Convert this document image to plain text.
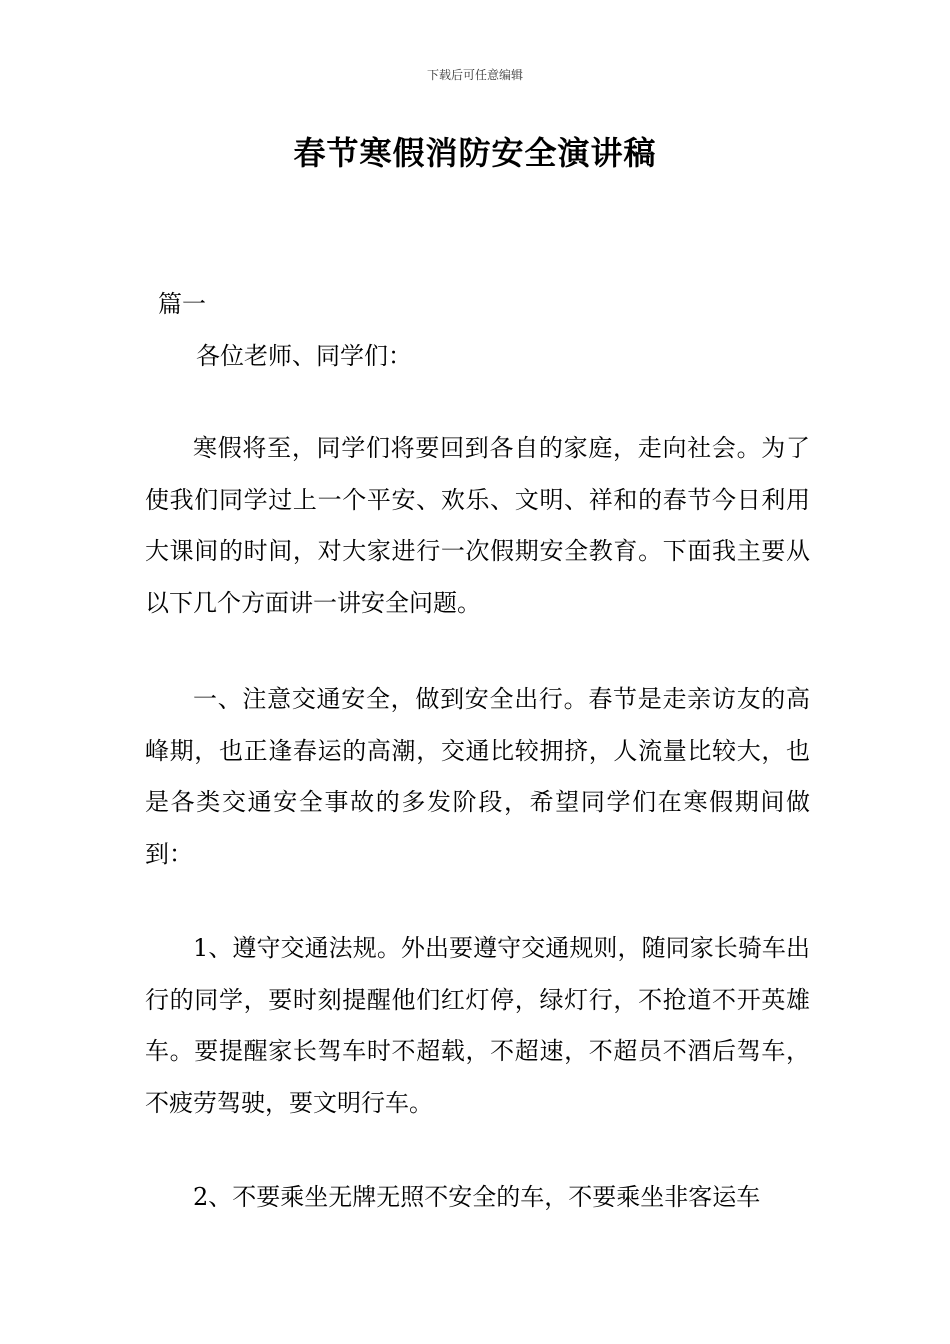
下载后可任意编辑
春节寒假消防安全演讲稿
篇一
各位老师、同学们：

寒假将至，同学们将要回到各自的家庭，走向社会。为了使我们同学过上一个平安、欢乐、文明、祥和的春节今日利用大课间的时间，对大家进行一次假期安全教育。下面我主要从以下几个方面讲一讲安全问题。

一、注意交通安全，做到安全出行。春节是走亲访友的高峰期，也正逢春运的高潮，交通比较拥挤，人流量比较大，也是各类交通安全事故的多发阶段，希望同学们在寒假期间做到：

1、遵守交通法规。外出要遵守交通规则，随同家长骑车出行的同学，要时刻提醒他们红灯停，绿灯行，不抢道不开英雄车。要提醒家长驾车时不超载，不超速，不超员不酒后驾车，不疲劳驾驶，要文明行车。

2、不要乘坐无牌无照不安全的车，不要乘坐非客运车
